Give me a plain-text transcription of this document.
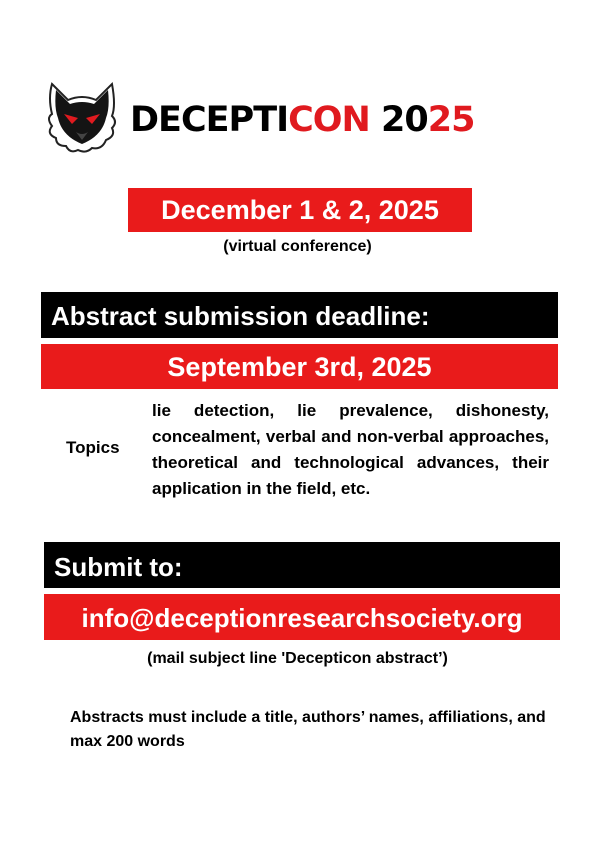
DECEPTICON 2025
December 1 & 2, 2025
(virtual conference)
Abstract submission deadline:
September 3rd, 2025
Topics
lie detection, lie prevalence, dishonesty, concealment, verbal and non-verbal approaches, theoretical and technological advances, their application in the field, etc.
Submit to:
info@deceptionresearchsociety.org
(mail subject line 'Decepticon abstract’)
Abstracts must include a title, authors’ names, affiliations, and max 200 words
